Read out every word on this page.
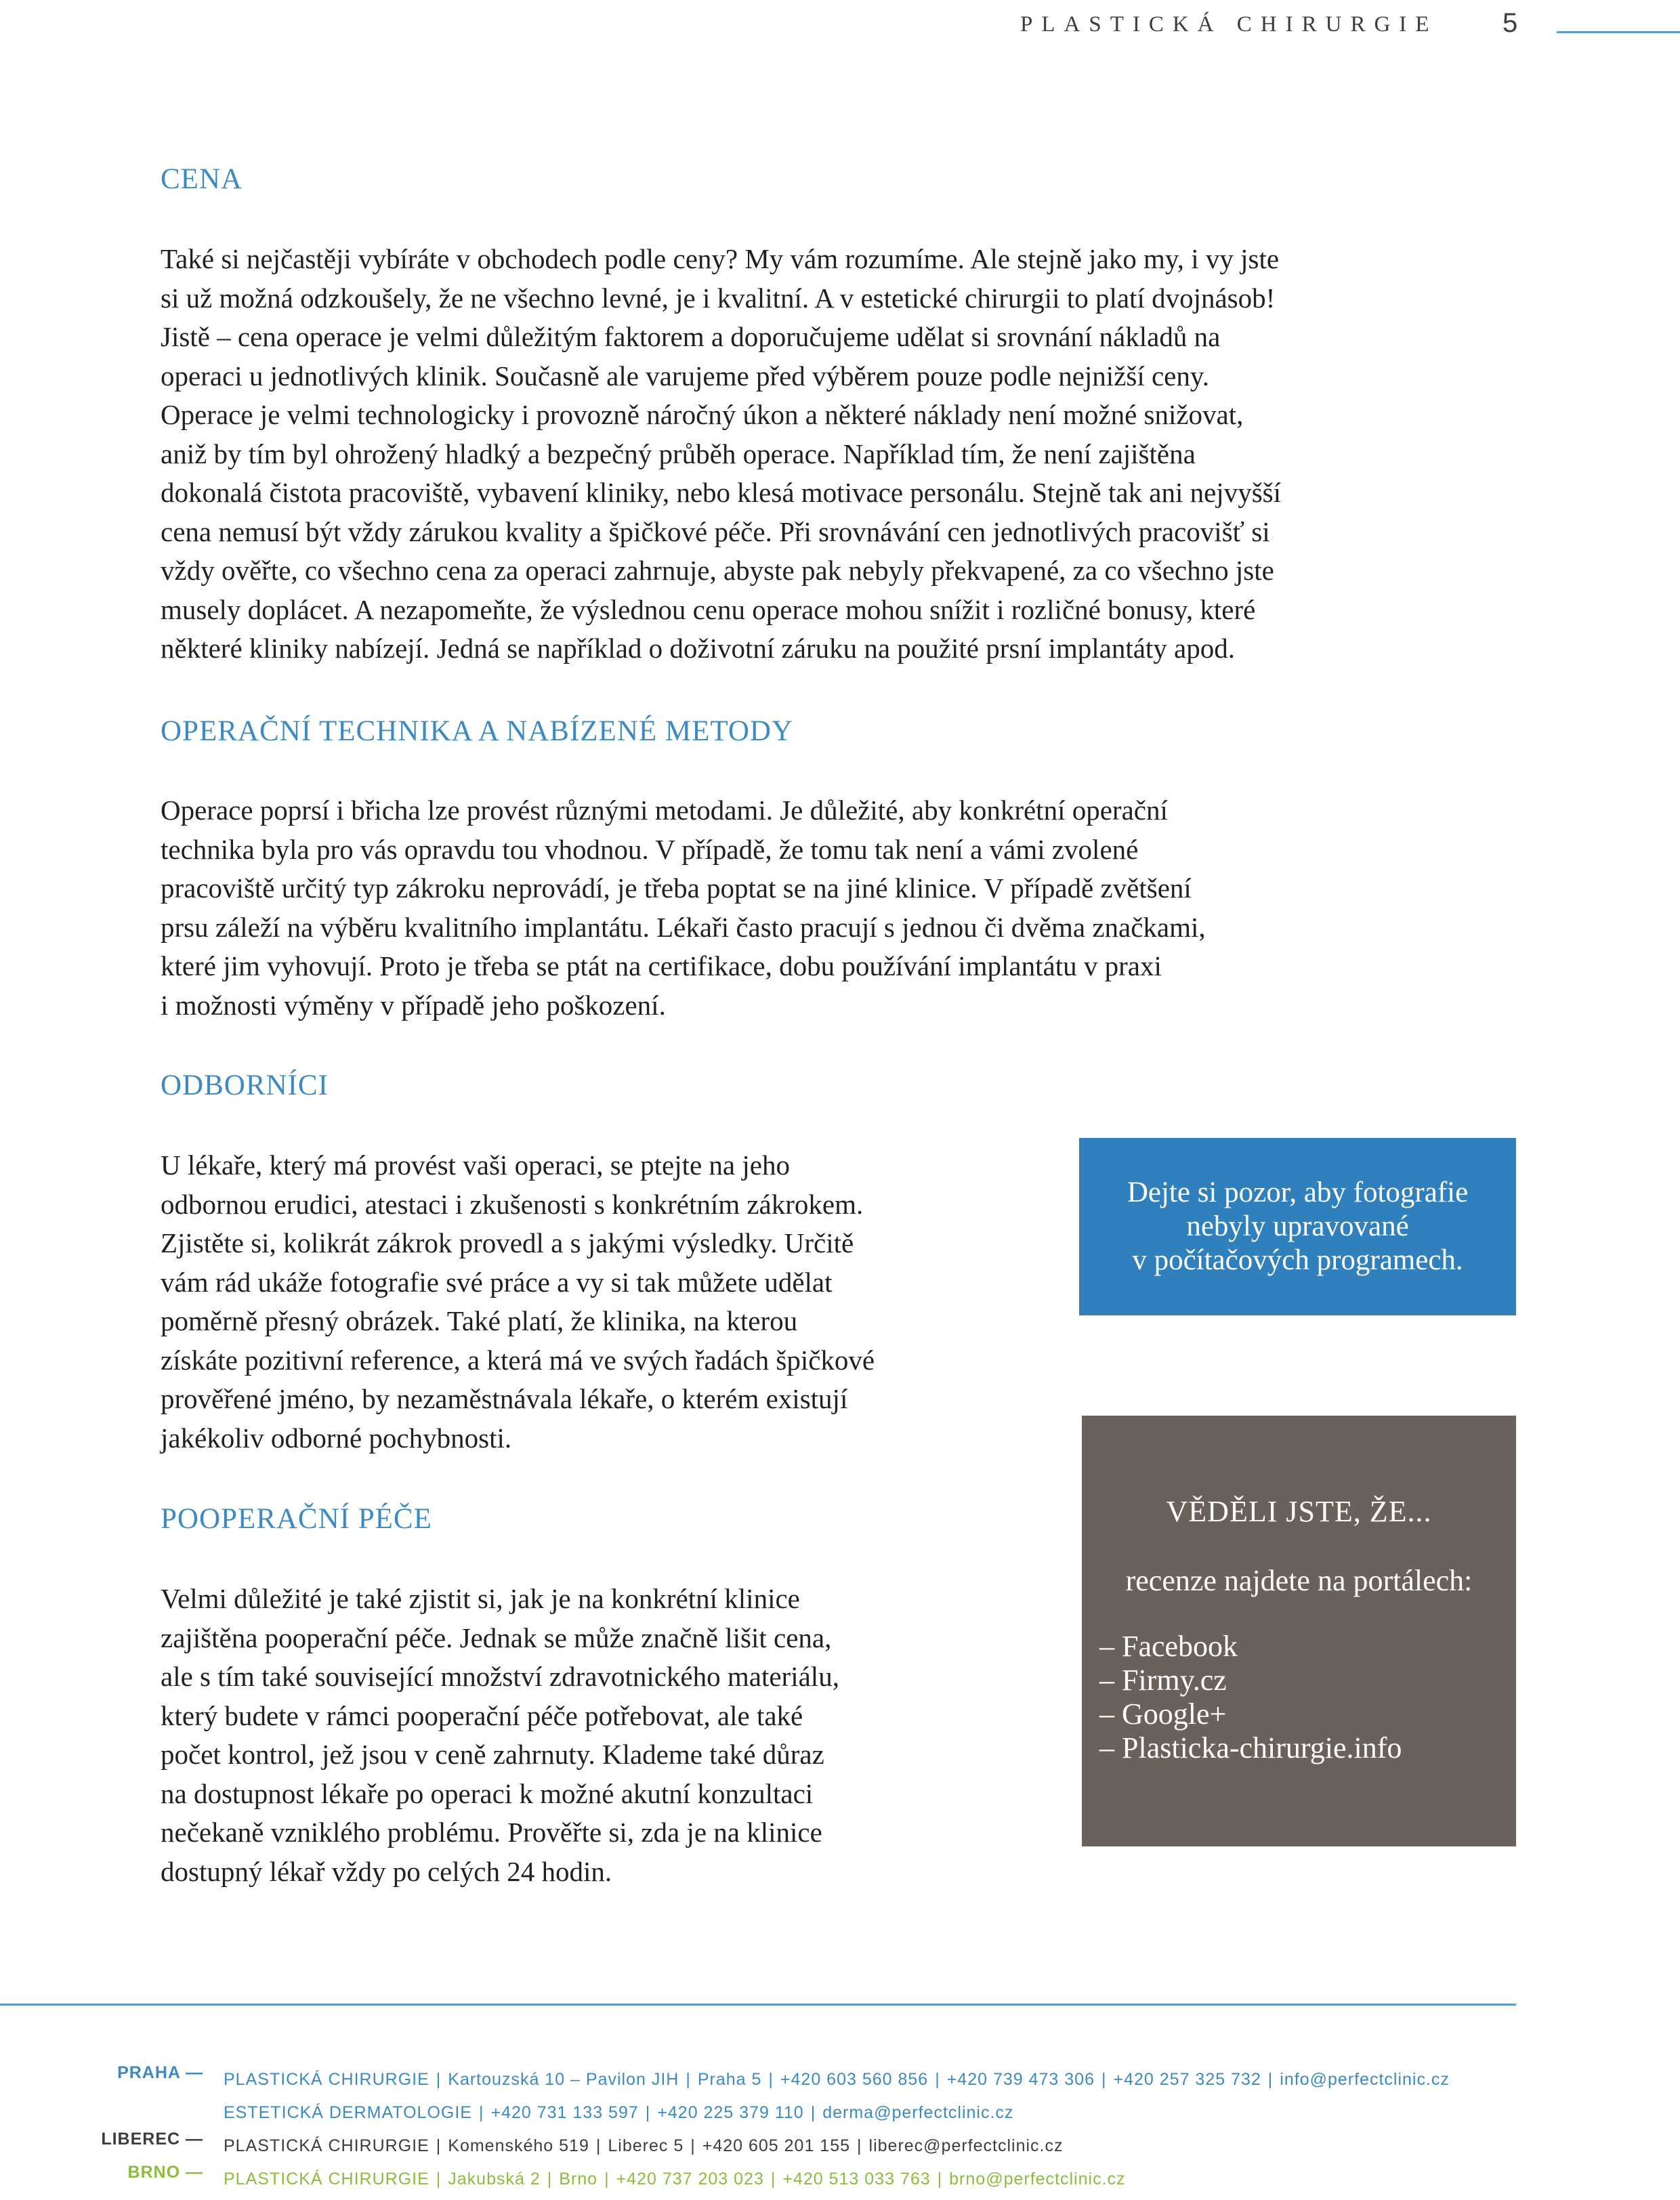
PLASTICKÁ CHIRURGIE 5
CENA
Také si nejčastěji vybíráte v obchodech podle ceny? My vám rozumíme. Ale stejně jako my, i vy jste
si už možná odzkoušely, že ne všechno levné, je i kvalitní. A v estetické chirurgii to platí dvojnásob!
Jistě – cena operace je velmi důležitým faktorem a doporučujeme udělat si srovnání nákladů na
operaci u jednotlivých klinik. Současně ale varujeme před výběrem pouze podle nejnižší ceny.
Operace je velmi technologicky i provozně náročný úkon a některé náklady není možné snižovat,
aniž by tím byl ohrožený hladký a bezpečný průběh operace. Například tím, že není zajištěna
dokonalá čistota pracoviště, vybavení kliniky, nebo klesá motivace personálu. Stejně tak ani nejvyšší
cena nemusí být vždy zárukou kvality a špičkové péče. Při srovnávání cen jednotlivých pracovišť si
vždy ověřte, co všechno cena za operaci zahrnuje, abyste pak nebyly překvapené, za co všechno jste
musely doplácet. A nezapomeňte, že výslednou cenu operace mohou snížit i rozličné bonusy, které
některé kliniky nabízejí. Jedná se například o doživotní záruku na použité prsní implantáty apod.
OPERAČNÍ TECHNIKA A NABÍZENÉ METODY
Operace poprsí i břicha lze provést různými metodami. Je důležité, aby konkrétní operační
technika byla pro vás opravdu tou vhodnou. V případě, že tomu tak není a vámi zvolené
pracoviště určitý typ zákroku neprovádí, je třeba poptat se na jiné klinice. V případě zvětšení
prsu záleží na výběru kvalitního implantátu. Lékaři často pracují s jednou či dvěma značkami,
které jim vyhovují. Proto je třeba se ptát na certifikace, dobu používání implantátu v praxi
i možnosti výměny v případě jeho poškození.
ODBORNÍCI
U lékaře, který má provést vaši operaci, se ptejte na jeho
odbornou erudici, atestaci i zkušenosti s konkrétním zákrokem.
Zjistěte si, kolikrát zákrok provedl a s jakými výsledky. Určitě
vám rád ukáže fotografie své práce a vy si tak můžete udělat
poměrně přesný obrázek. Také platí, že klinika, na kterou
získáte pozitivní reference, a která má ve svých řadách špičkové
prověřené jméno, by nezaměstnávala lékaře, o kterém existují
jakékoliv odborné pochybnosti.
POOPERAČNÍ PÉČE
Velmi důležité je také zjistit si, jak je na konkrétní klinice
zajištěna pooperační péče. Jednak se může značně lišit cena,
ale s tím také související množství zdravotnického materiálu,
který budete v rámci pooperační péče potřebovat, ale také
počet kontrol, jež jsou v ceně zahrnuty. Klademe také důraz
na dostupnost lékaře po operaci k možné akutní konzultaci
nečekaně vzniklého problému. Prověřte si, zda je na klinice
dostupný lékař vždy po celých 24 hodin.
Dejte si pozor, aby fotografie
nebyly upravované
v počítačových programech.
VĚDĚLI JSTE, ŽE...
recenze najdete na portálech:
– Facebook
– Firmy.cz
– Google+
– Plasticka-chirurgie.info
PRAHA —
LIBEREC —
BRNO —
PLASTICKÁ CHIRURGIE | Kartouzská 10 – Pavilon JIH | Praha 5 | +420 603 560 856 | +420 739 473 306 | +420 257 325 732 | info@perfectclinic.cz
ESTETICKÁ DERMATOLOGIE | +420 731 133 597 | +420 225 379 110 | derma@perfectclinic.cz
PLASTICKÁ CHIRURGIE | Komenského 519 | Liberec 5 | +420 605 201 155 | liberec@perfectclinic.cz
PLASTICKÁ CHIRURGIE | Jakubská 2 | Brno | +420 737 203 023 | +420 513 033 763 | brno@perfectclinic.cz
